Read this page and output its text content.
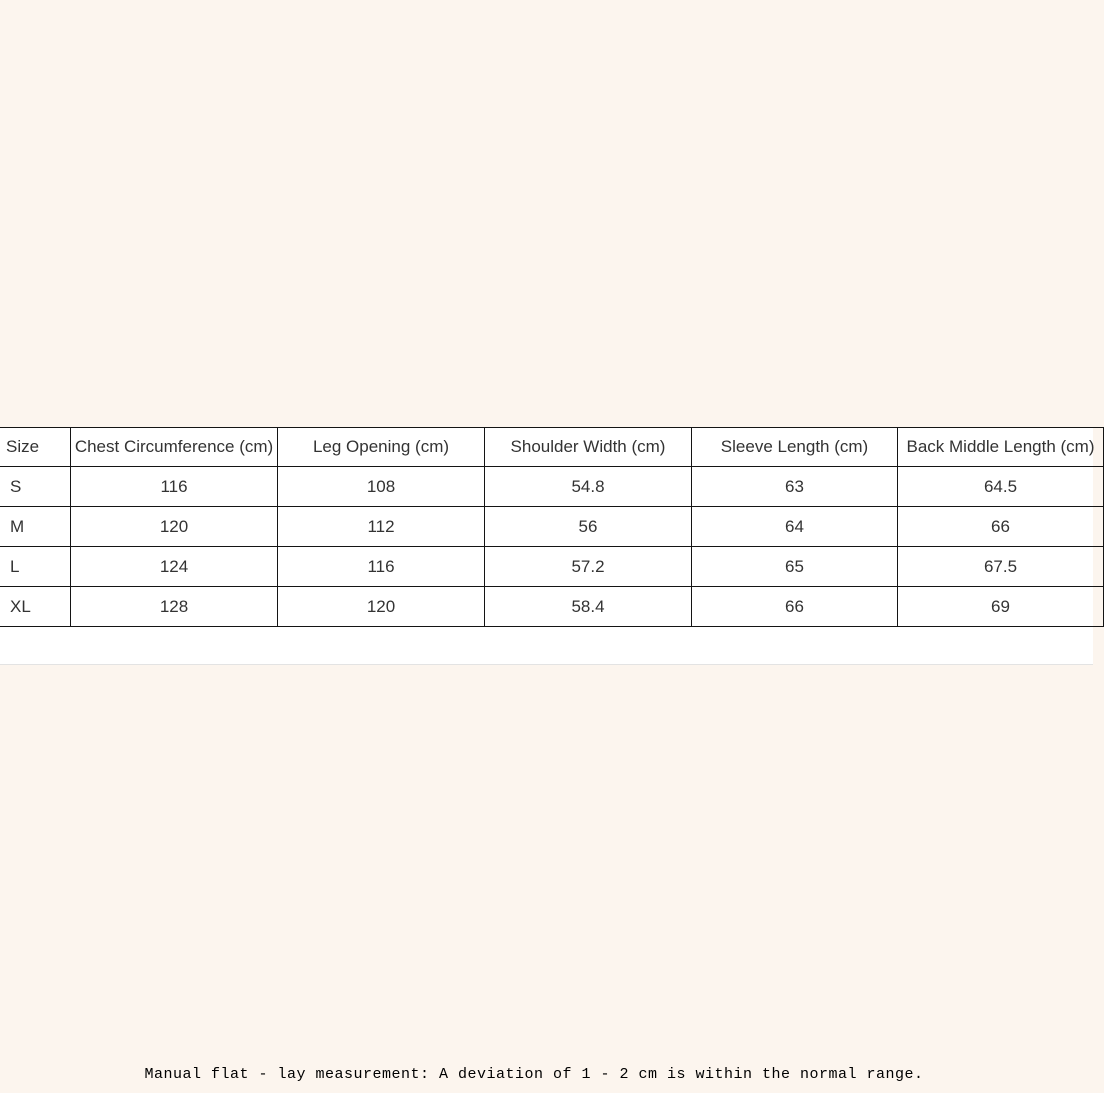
Size	Chest Circumference (cm)	Leg Opening (cm)	Shoulder Width (cm)	Sleeve Length (cm)	Back Middle Length (cm)
S	116	108	54.8	63	64.5
M	120	112	56	64	66
L	124	116	57.2	65	67.5
XL	128	120	58.4	66	69
Manual flat - lay measurement: A deviation of 1 - 2 cm is within the normal range.
